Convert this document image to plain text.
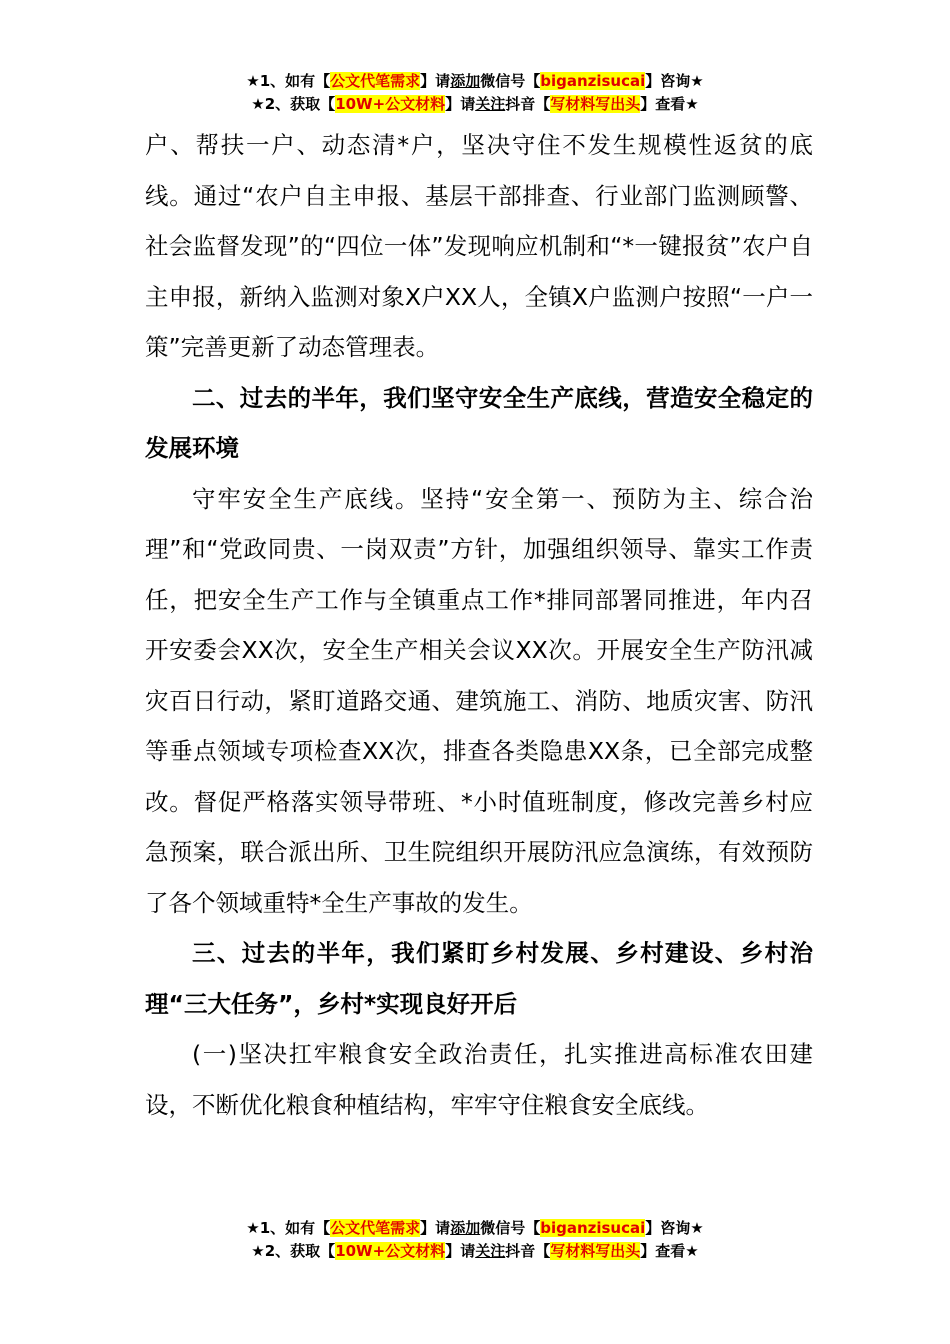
★1、如有【公文代笔需求】请添加微信号【biganzisucai】咨询★
★2、获取【10W+公文材料】请关注抖音【写材料写出头】查看★

户、帮扶一户、动态清*户，坚决守住不发生规模性返贫的底线。通过“农户自主申报、基层干部排查、行业部门监测顾警、社会监督发现”的“四位一体”发现响应机制和“*一键报贫”农户自主申报，新纳入监测对象X户XX人，全镇X户监测户按照“一户一策”完善更新了动态管理表。

二、过去的半年，我们坚守安全生产底线，营造安全稳定的发展环境

守牢安全生产底线。坚持“安全第一、预防为主、综合治理”和“党政同贵、一岗双责”方针，加强组织领导、靠实工作责任，把安全生产工作与全镇重点工作*排同部署同推进，年内召开安委会XX次，安全生产相关会议XX次。开展安全生产防汛减灾百日行动，紧盯道路交通、建筑施工、消防、地质灾害、防汛等垂点领域专项检查XX次，排查各类隐患XX条，已全部完成整改。督促严格落实领导带班、*小时值班制度，修改完善乡村应急预案，联合派出所、卫生院组织开展防汛应急演练，有效预防了各个领域重特*全生产事故的发生。

三、过去的半年，我们紧盯乡村发展、乡村建设、乡村治理“三大任务”，乡村*实现良好开后

(一)坚决扛牢粮食安全政治责任，扎实推进高标准农田建设，不断优化粮食种植结构，牢牢守住粮食安全底线。

★1、如有【公文代笔需求】请添加微信号【biganzisucai】咨询★
★2、获取【10W+公文材料】请关注抖音【写材料写出头】查看★
